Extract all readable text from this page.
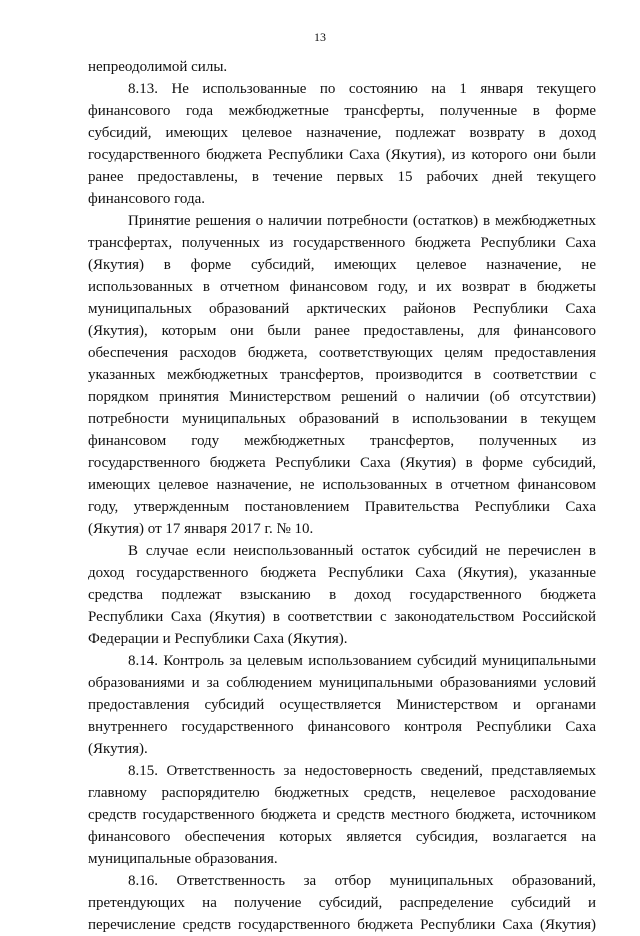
13
непреодолимой силы.
8.13. Не использованные по состоянию на 1 января текущего
финансового года межбюджетные трансферты, полученные в форме
субсидий, имеющих целевое назначение, подлежат возврату в доход
государственного бюджета Республики Саха (Якутия), из которого они были
ранее предоставлены, в течение первых 15 рабочих дней текущего
финансового года.
Принятие решения о наличии потребности (остатков) в межбюджетных
трансфертах, полученных из государственного бюджета Республики Саха
(Якутия) в форме субсидий, имеющих целевое назначение, не
использованных в отчетном финансовом году, и их возврат в бюджеты
муниципальных образований арктических районов Республики Саха
(Якутия), которым они были ранее предоставлены, для финансового
обеспечения расходов бюджета, соответствующих целям предоставления
указанных межбюджетных трансфертов, производится в соответствии с
порядком принятия Министерством решений о наличии (об отсутствии)
потребности муниципальных образований в использовании в текущем
финансовом году межбюджетных трансфертов, полученных из
государственного бюджета Республики Саха (Якутия) в форме субсидий,
имеющих целевое назначение, не использованных в отчетном финансовом
году, утвержденным постановлением Правительства Республики Саха
(Якутия) от 17 января 2017 г. № 10.
В случае если неиспользованный остаток субсидий не перечислен в
доход государственного бюджета Республики Саха (Якутия), указанные
средства подлежат взысканию в доход государственного бюджета
Республики Саха (Якутия) в соответствии с законодательством Российской
Федерации и Республики Саха (Якутия).
8.14. Контроль за целевым использованием субсидий муниципальными
образованиями и за соблюдением муниципальными образованиями условий
предоставления субсидий осуществляется Министерством и органами
внутреннего государственного финансового контроля Республики Саха
(Якутия).
8.15. Ответственность за недостоверность сведений, представляемых
главному распорядителю бюджетных средств, нецелевое расходование
средств государственного бюджета и средств местного бюджета, источником
финансового обеспечения которых является субсидия, возлагается на
муниципальные образования.
8.16. Ответственность за отбор муниципальных образований,
претендующих на получение субсидий, распределение субсидий и
перечисление средств государственного бюджета Республики Саха (Якутия)
